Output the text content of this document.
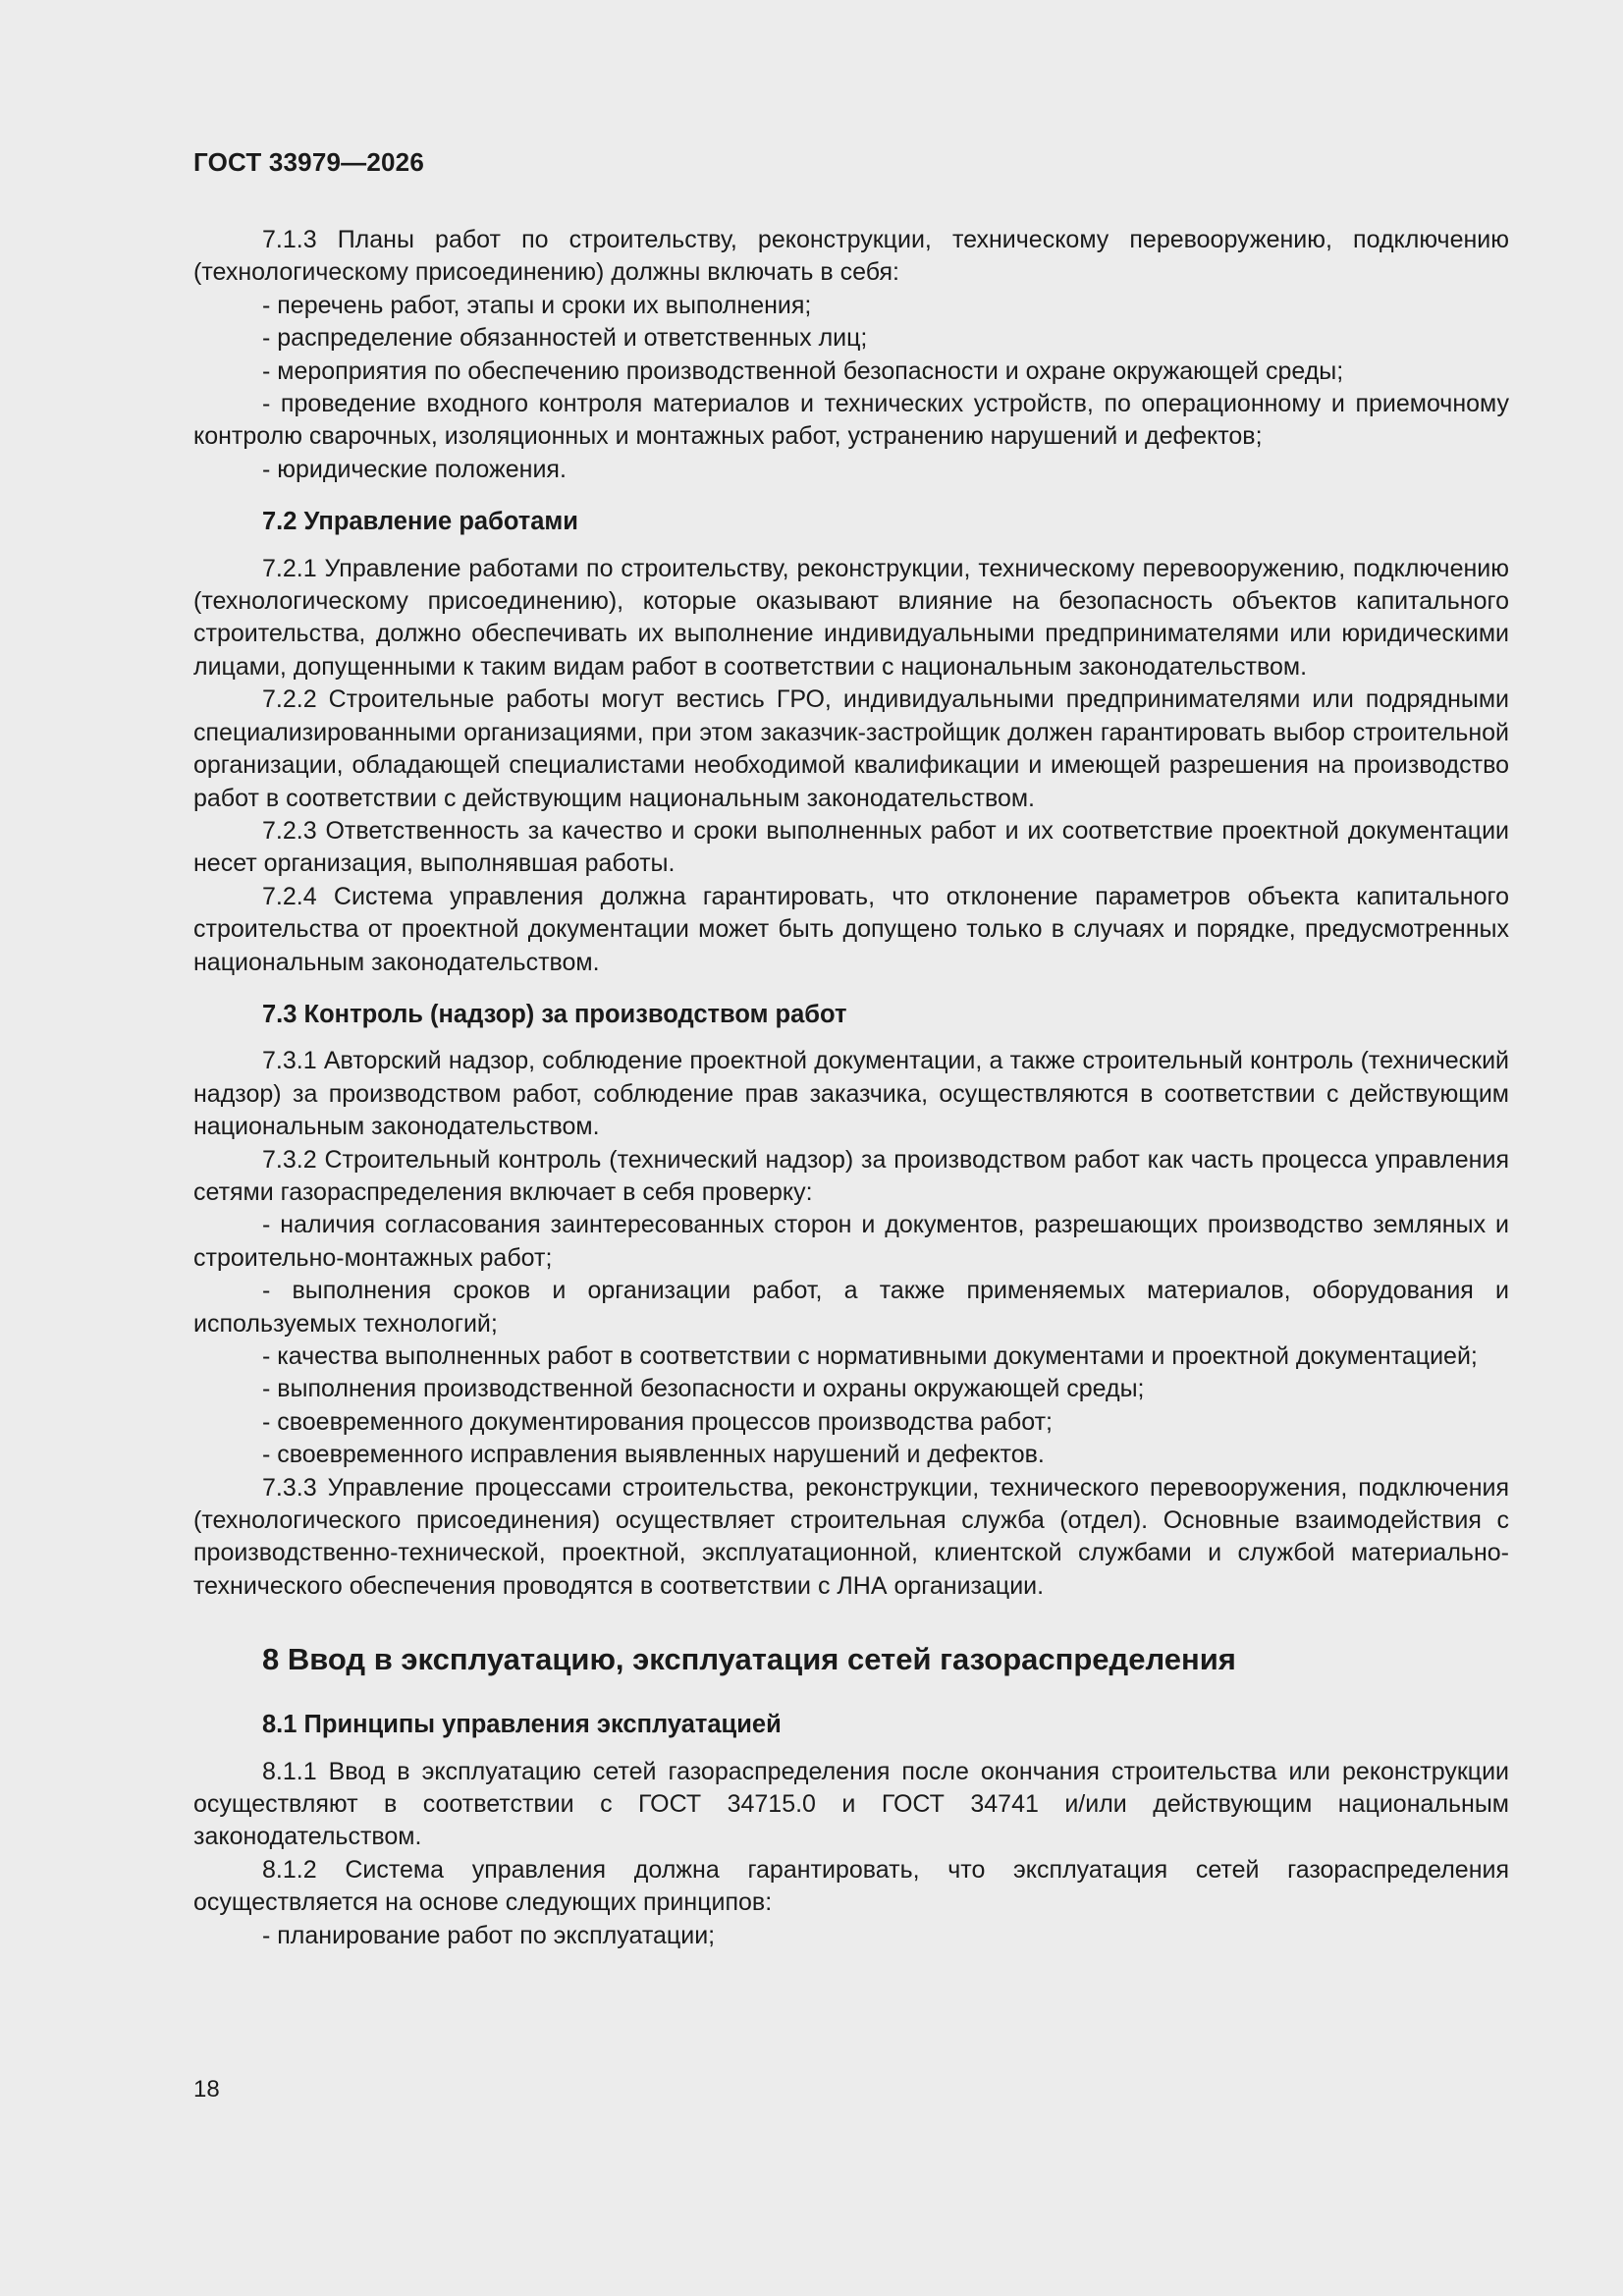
ГОСТ 33979—2026

7.1.3 Планы работ по строительству, реконструкции, техническому перевооружению, подключению (технологическому присоединению) должны включать в себя:

- перечень работ, этапы и сроки их выполнения;

- распределение обязанностей и ответственных лиц;

- мероприятия по обеспечению производственной безопасности и охране окружающей среды;

- проведение входного контроля материалов и технических устройств, по операционному и приемочному контролю сварочных, изоляционных и монтажных работ, устранению нарушений и дефектов;

- юридические положения.

7.2 Управление работами

7.2.1 Управление работами по строительству, реконструкции, техническому перевооружению, подключению (технологическому присоединению), которые оказывают влияние на безопасность объектов капитального строительства, должно обеспечивать их выполнение индивидуальными предпринимателями или юридическими лицами, допущенными к таким видам работ в соответствии с национальным законодательством.

7.2.2 Строительные работы могут вестись ГРО, индивидуальными предпринимателями или подрядными специализированными организациями, при этом заказчик-застройщик должен гарантировать выбор строительной организации, обладающей специалистами необходимой квалификации и имеющей разрешения на производство работ в соответствии с действующим национальным законодательством.

7.2.3 Ответственность за качество и сроки выполненных работ и их соответствие проектной документации несет организация, выполнявшая работы.

7.2.4 Система управления должна гарантировать, что отклонение параметров объекта капитального строительства от проектной документации может быть допущено только в случаях и порядке, предусмотренных национальным законодательством.

7.3 Контроль (надзор) за производством работ

7.3.1 Авторский надзор, соблюдение проектной документации, а также строительный контроль (технический надзор) за производством работ, соблюдение прав заказчика, осуществляются в соответствии с действующим национальным законодательством.

7.3.2 Строительный контроль (технический надзор) за производством работ как часть процесса управления сетями газораспределения включает в себя проверку:

- наличия согласования заинтересованных сторон и документов, разрешающих производство земляных и строительно-монтажных работ;

- выполнения сроков и организации работ, а также применяемых материалов, оборудования и используемых технологий;

- качества выполненных работ в соответствии с нормативными документами и проектной документацией;

- выполнения производственной безопасности и охраны окружающей среды;

- своевременного документирования процессов производства работ;

- своевременного исправления выявленных нарушений и дефектов.

7.3.3 Управление процессами строительства, реконструкции, технического перевооружения, подключения (технологического присоединения) осуществляет строительная служба (отдел). Основные взаимодействия с производственно-технической, проектной, эксплуатационной, клиентской службами и службой материально-технического обеспечения проводятся в соответствии с ЛНА организации.

8 Ввод в эксплуатацию, эксплуатация сетей газораспределения

8.1 Принципы управления эксплуатацией

8.1.1 Ввод в эксплуатацию сетей газораспределения после окончания строительства или реконструкции осуществляют в соответствии с ГОСТ 34715.0 и ГОСТ 34741 и/или действующим национальным законодательством.

8.1.2 Система управления должна гарантировать, что эксплуатация сетей газораспределения осуществляется на основе следующих принципов:

- планирование работ по эксплуатации;

18
